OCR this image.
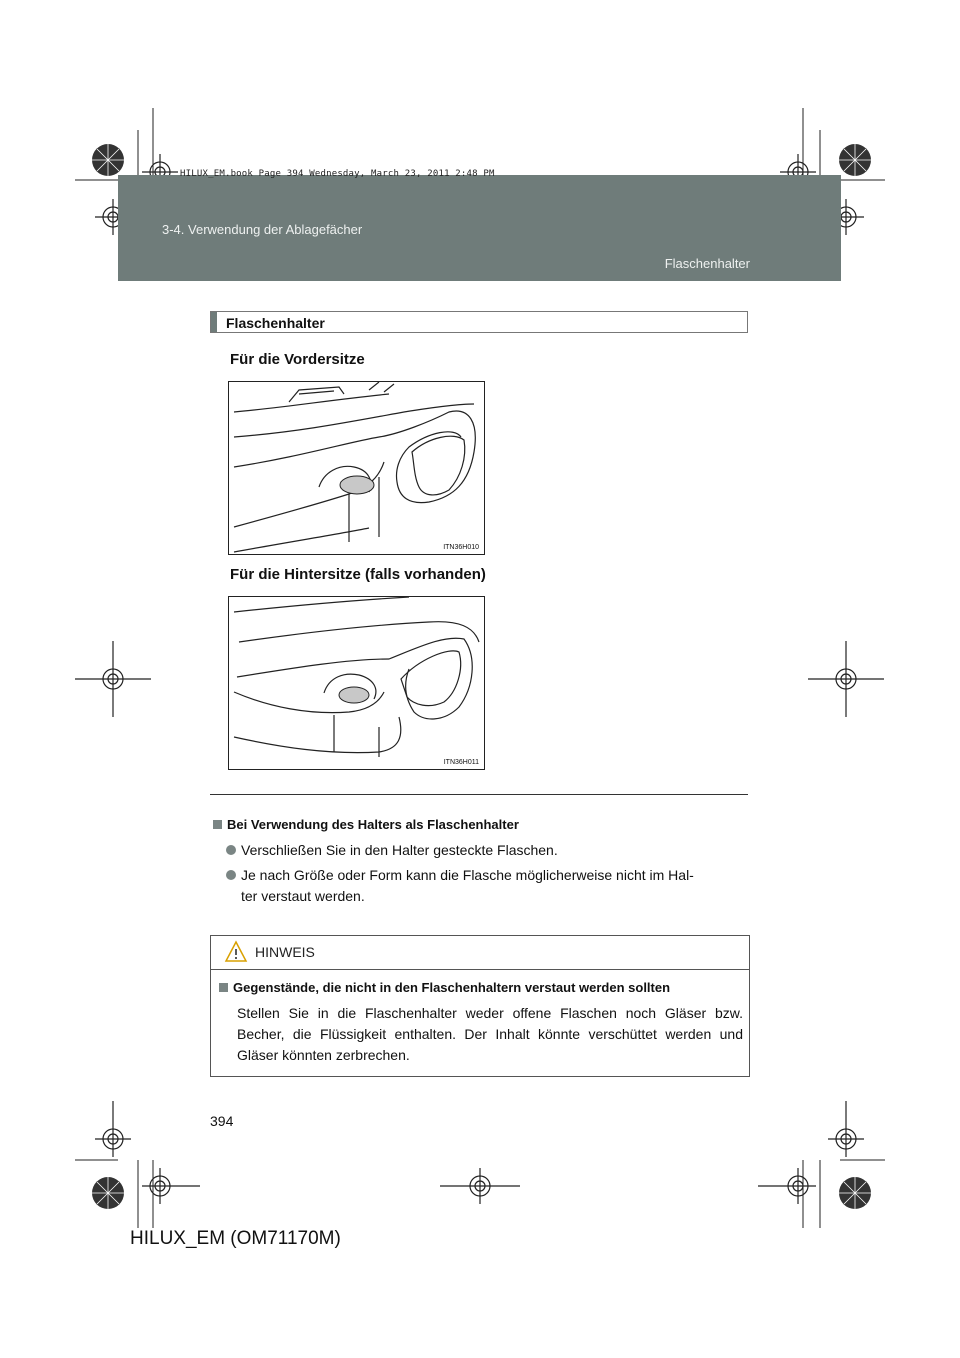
HILUX_EM.book Page 394 Wednesday, March 23, 2011 2:48 PM
3-4. Verwendung der Ablagefächer
Flaschenhalter
Flaschenhalter
Für die Vordersitze
ITN36H010
Für die Hintersitze (falls vorhanden)
ITN36H011
Bei Verwendung des Halters als Flaschenhalter
Verschließen Sie in den Halter gesteckte Flaschen.
Je nach Größe oder Form kann die Flasche möglicherweise nicht im Hal-
ter verstaut werden.
HINWEIS
Gegenstände, die nicht in den Flaschenhaltern verstaut werden sollten
Stellen Sie in die Flaschenhalter weder offene Flaschen noch Gläser bzw. Becher, die Flüssigkeit enthalten. Der Inhalt könnte verschüttet werden und Gläser könnten zerbrechen.
394
HILUX_EM (OM71170M)
